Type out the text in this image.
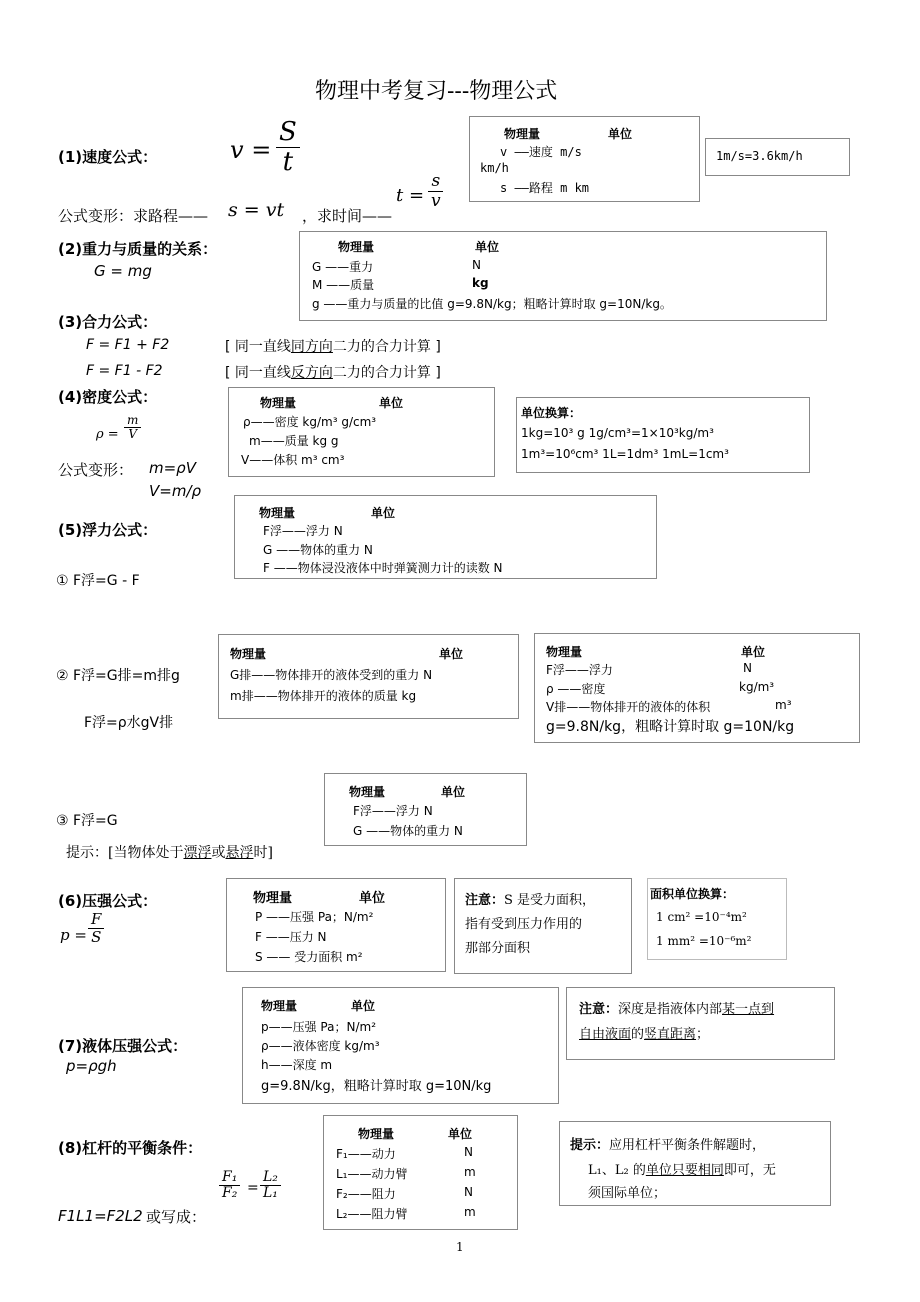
物理中考复习---物理公式
(1)速度公式：	$v = \frac{S}{t}$	物理量	单位
v ——速度 m/s
km/h
s ——路程 m km
1m/s=3.6km/h
公式变形：求路程—— s = vt ，求时间——
$t = \frac{s}{v}$
(2)重力与质量的关系：
G = mg
物理量	单位
G ——重力	N
M ——质量	kg
g ——重力与质量的比值 g=9.8N/kg；粗略计算时取 g=10N/kg。
(3)合力公式：
F = F1 + F2	[ 同一直线同方向二力的合力计算 ]
F = F1 - F2	[ 同一直线反方向二力的合力计算 ]
(4)密度公式：
$\rho = \frac{m}{V}$
公式变形： m=ρV
V=m/ρ
物理量	单位
ρ——密度 kg/m³ g/cm³
m——质量 kg g
V——体积 m³ cm³
单位换算：
1kg=10³ g 1g/cm³=1×10³kg/m³
1m³=10⁶cm³ 1L=1dm³ 1mL=1cm³
(5)浮力公式：
物理量	单位
F浮——浮力 N
G ——物体的重力 N
F ——物体浸没液体中时弹簧测力计的读数 N
① F浮=G - F
物理量	单位
G排——物体排开的液体受到的重力 N
m排——物体排开的液体的质量 kg
② F浮=G排=m排g
F浮=ρ水gV排
物理量	单位
F浮——浮力	N
ρ ——密度	kg/m³
V排——物体排开的液体的体积	m³
g=9.8N/kg，粗略计算时取 g=10N/kg
物理量	单位
F浮——浮力 N
G ——物体的重力 N
③ F浮=G
提示：[当物体处于漂浮或悬浮时]
(6)压强公式：
$p = \frac{F}{S}$
物理量	单位
P ——压强 Pa；N/m²
F ——压力 N
S —— 受力面积 m²
注意：S 是受力面积，
指有受到压力作用的
那部分面积
面积单位换算：
1 cm² =10⁻⁴m²
1 mm² =10⁻⁶m²
(7)液体压强公式：
p=ρgh
物理量	单位
p——压强 Pa；N/m²
ρ——液体密度 kg/m³
h——深度 m
g=9.8N/kg，粗略计算时取 g=10N/kg
注意：深度是指液体内部某一点到
自由液面的竖直距离；
(8)杠杆的平衡条件：
F1L1=F2L2 或写成：
$\frac{\text{F₁}}{\text{F₂}} = \frac{\text{L₂}}{\text{L₁}}$
物理量	单位
F₁——动力	N
L₁——动力臂	m
F₂——阻力	N
L₂——阻力臂	m
提示：应用杠杆平衡条件解题时，
L₁、L₂ 的单位只要相同即可，无
须国际单位；
1
